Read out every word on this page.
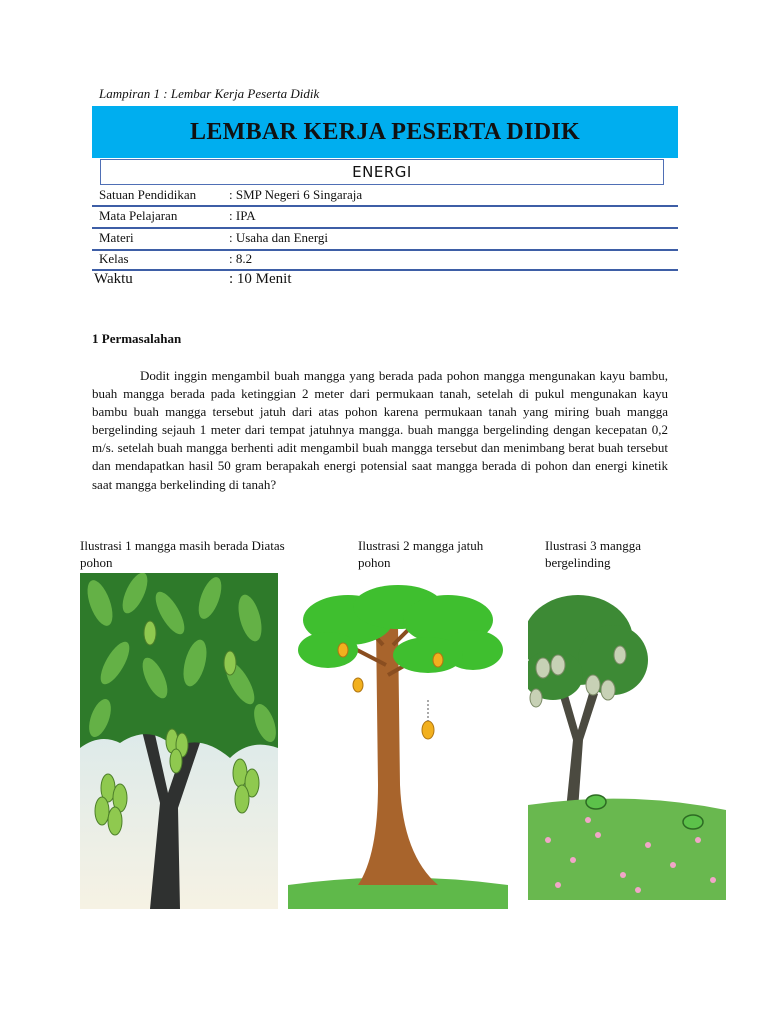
Lampiran 1 : Lembar Kerja Peserta Didik
LEMBAR KERJA PESERTA DIDIK
ENERGI
Satuan Pendidikan	: SMP Negeri 6 Singaraja
Mata Pelajaran	: IPA
Materi	: Usaha dan Energi
Kelas	: 8.2
Waktu	: 10 Menit
1 Permasalahan

Dodit inggin mengambil buah mangga yang berada pada pohon mangga mengunakan kayu bambu, buah mangga berada pada ketinggian 2 meter dari permukaan tanah, setelah di pukul mengunakan kayu bambu buah mangga tersebut jatuh dari atas pohon karena permukaan tanah yang miring buah mangga bergelinding sejauh 1 meter dari tempat jatuhnya mangga. buah mangga bergelinding dengan kecepatan 0,2 m/s. setelah buah mangga berhenti adit mengambil buah mangga tersebut dan menimbang berat buah tersebut dan mendapatkan hasil 50 gram berapakah energi potensial saat mangga berada di pohon dan energi kinetik saat mangga berkelinding di tanah?

Ilustrasi 1 mangga masih berada Diatas pohon
Ilustrasi 2 mangga jatuh pohon
Ilustrasi 3 mangga bergelinding
